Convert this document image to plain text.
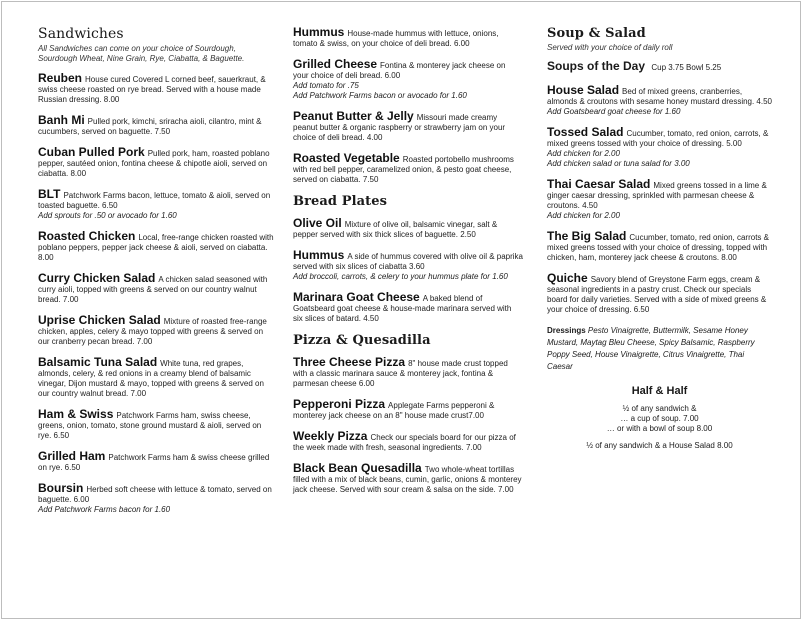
Sandwiches
All Sandwiches can come on your choice of Sourdough, Sourdough Wheat, Nine Grain, Rye, Ciabatta, & Baguette.
Reuben House cured Covered L corned beef, sauerkraut, & swiss cheese roasted on rye bread. Served with a house made Russian dressing. 8.00
Banh Mi Pulled pork, kimchi, sriracha aioli, cilantro, mint & cucumbers, served on baguette. 7.50
Cuban Pulled Pork Pulled pork, ham, roasted poblano pepper, sautéed onion, fontina cheese & chipotle aioli, served on ciabatta. 8.00
BLT Patchwork Farms bacon, lettuce, tomato & aioli, served on toasted baguette. 6.50
Add sprouts for .50 or avocado for 1.60
Roasted Chicken Local, free-range chicken roasted with poblano peppers, pepper jack cheese & aioli, served on ciabatta. 8.00
Curry Chicken Salad A chicken salad seasoned with curry aioli, topped with greens & served on our country walnut bread. 7.00
Uprise Chicken Salad Mixture of roasted free-range chicken, apples, celery & mayo topped with greens & served on our cranberry pecan bread. 7.00
Balsamic Tuna Salad White tuna, red grapes, almonds, celery, & red onions in a creamy blend of balsamic vinegar, Dijon mustard & mayo, topped with greens & served on our country walnut bread. 7.00
Ham & Swiss Patchwork Farms ham, swiss cheese, greens, onion, tomato, stone ground mustard & aioli, served on rye. 6.50
Grilled Ham Patchwork Farms ham & swiss cheese grilled on rye. 6.50
Boursin Herbed soft cheese with lettuce & tomato, served on baguette. 6.00
Add Patchwork Farms bacon for 1.60
Hummus House-made hummus with lettuce, onions, tomato & swiss, on your choice of deli bread. 6.00
Grilled Cheese Fontina & monterey jack cheese on your choice of deli bread. 6.00
Add tomato for .75
Add Patchwork Farms bacon or avocado for 1.60
Peanut Butter & Jelly Missouri made creamy peanut butter & organic raspberry or strawberry jam on your choice of deli bread. 4.00
Roasted Vegetable Roasted portobello mushrooms with red bell pepper, caramelized onion, & pesto goat cheese, served on ciabatta. 7.50
Bread Plates
Olive Oil Mixture of olive oil, balsamic vinegar, salt & pepper served with six thick slices of baguette. 2.50
Hummus A side of hummus covered with olive oil & paprika served with six slices of ciabatta 3.60
Add broccoli, carrots, & celery to your hummus plate for 1.60
Marinara Goat Cheese A baked blend of Goatsbeard goat cheese & house-made marinara served with six slices of batard. 4.50
Pizza & Quesadilla
Three Cheese Pizza 8" house made crust topped with a classic marinara sauce & monterey jack, fontina & parmesan cheese 6.00
Pepperoni Pizza Applegate Farms pepperoni & monterey jack cheese on an 8" house made crust7.00
Weekly Pizza Check our specials board for our pizza of the week made with fresh, seasonal ingredients. 7.00
Black Bean Quesadilla Two whole-wheat tortillas filled with a mix of black beans, cumin, garlic, onions & monterey jack cheese. Served with sour cream & salsa on the side. 7.00
Soup & Salad
Served with your choice of daily roll
Soups of the Day Cup 3.75 Bowl 5.25
House Salad Bed of mixed greens, cranberries, almonds & croutons with sesame honey mustard dressing. 4.50
Add Goatsbeard goat cheese for 1.60
Tossed Salad Cucumber, tomato, red onion, carrots, & mixed greens tossed with your choice of dressing. 5.00
Add chicken for 2.00
Add chicken salad or tuna salad for 3.00
Thai Caesar Salad Mixed greens tossed in a lime & ginger caesar dressing, sprinkled with parmesan cheese & croutons. 4.50
Add chicken for 2.00
The Big Salad Cucumber, tomato, red onion, carrots & mixed greens tossed with your choice of dressing, topped with chicken, ham, monterey jack cheese & croutons. 8.00
Quiche Savory blend of Greystone Farm eggs, cream & seasonal ingredients in a pastry crust. Check our specials board for daily varieties. Served with a side of mixed greens & your choice of dressing. 6.50
Dressings Pesto Vinaigrette, Buttermilk, Sesame Honey Mustard, Maytag Bleu Cheese, Spicy Balsamic, Raspberry Poppy Seed, House Vinaigrette, Citrus Vinaigrette, Thai Caesar
Half & Half
½ of any sandwich &
… a cup of soup. 7.00
… or with a bowl of soup 8.00
½ of any sandwich & a House Salad 8.00
